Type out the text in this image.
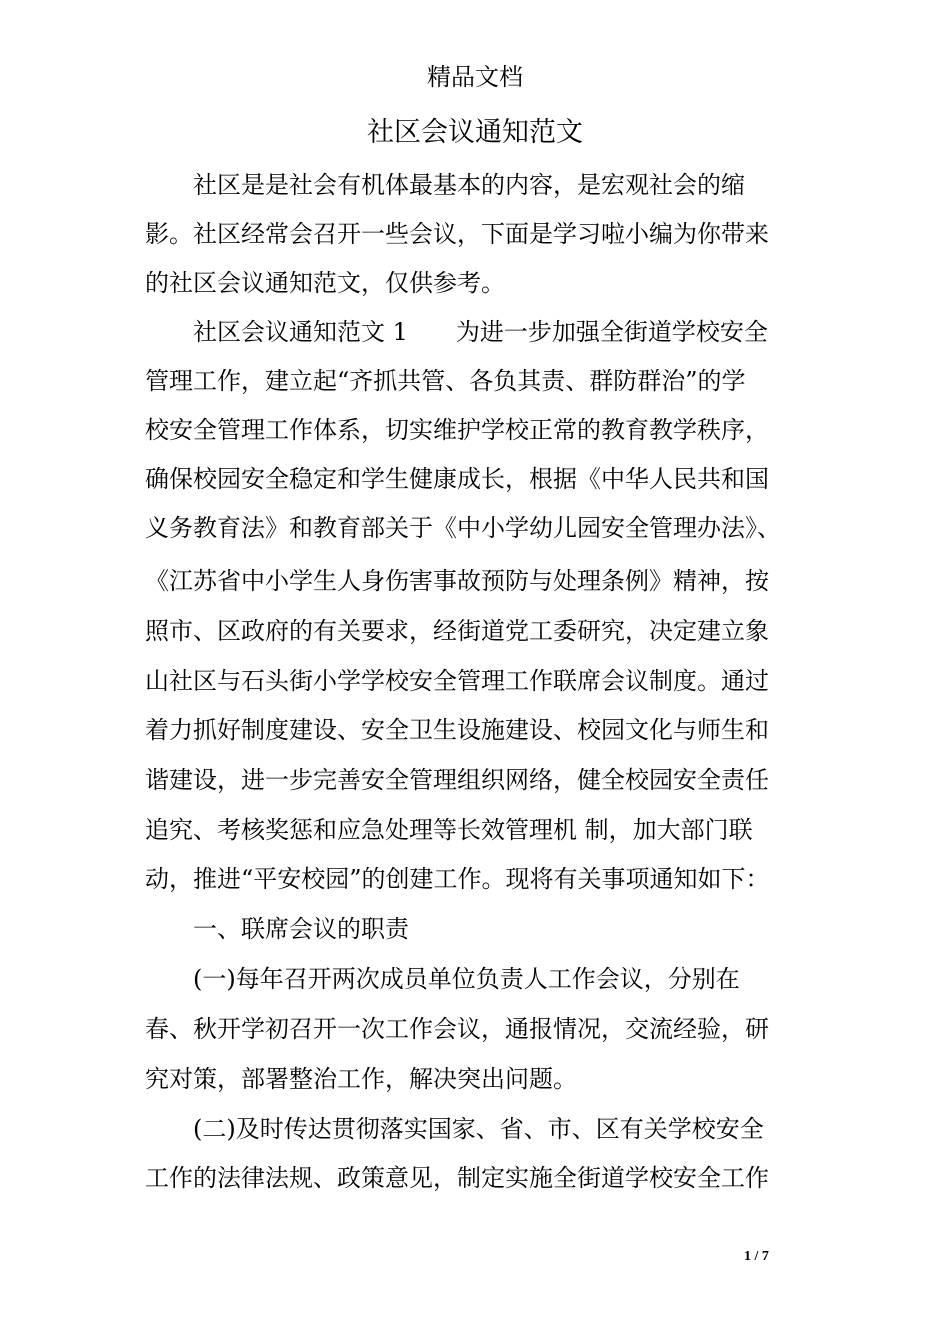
精品文档
社区会议通知范文
　　社区是是社会有机体最基本的内容，是宏观社会的缩
影。社区经常会召开一些会议，下面是学习啦小编为你带来
的社区会议通知范文，仅供参考。
　　社区会议通知范文 1　　为进一步加强全街道学校安全
管理工作，建立起“齐抓共管、各负其责、群防群治”的学
校安全管理工作体系，切实维护学校正常的教育教学秩序，
确保校园安全稳定和学生健康成长，根据《中华人民共和国
义务教育法》和教育部关于《中小学幼儿园安全管理办法》、
《江苏省中小学生人身伤害事故预防与处理条例》精神，按
照市、区政府的有关要求，经街道党工委研究，决定建立象
山社区与石头街小学学校安全管理工作联席会议制度。通过
着力抓好制度建设、安全卫生设施建设、校园文化与师生和
谐建设，进一步完善安全管理组织网络，健全校园安全责任
追究、考核奖惩和应急处理等长效管理机 制，加大部门联
动，推进“平安校园”的创建工作。现将有关事项通知如下：
　　一、联席会议的职责
　　(一)每年召开两次成员单位负责人工作会议，分别在
春、秋开学初召开一次工作会议，通报情况，交流经验，研
究对策，部署整治工作，解决突出问题。
　　(二)及时传达贯彻落实国家、省、市、区有关学校安全
工作的法律法规、政策意见，制定实施全街道学校安全工作
1 / 7
